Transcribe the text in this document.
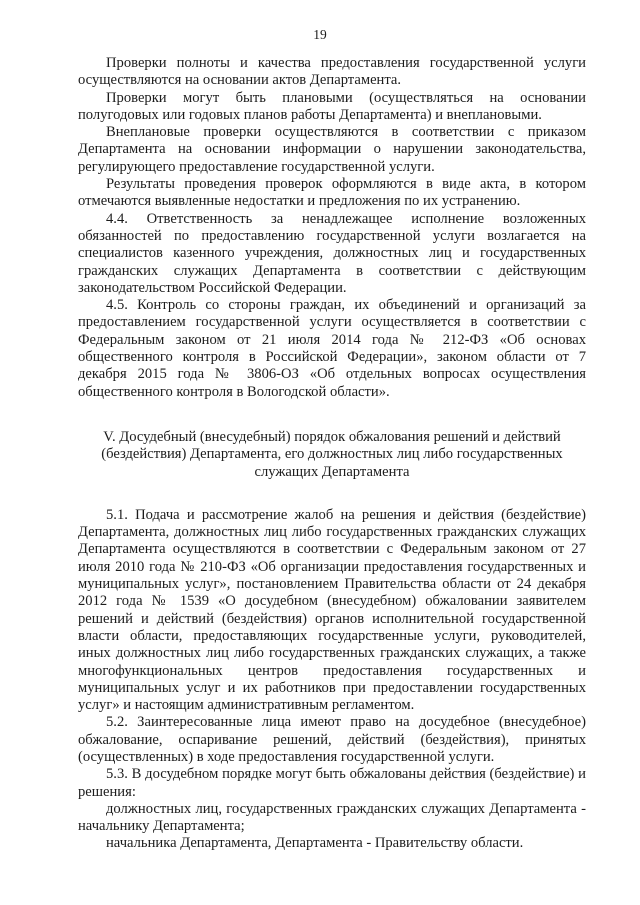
19

Проверки полноты и качества предоставления государственной услуги осуществляются на основании актов Департамента.

Проверки могут быть плановыми (осуществляться на основании полугодовых или годовых планов работы Департамента) и внеплановыми.

Внеплановые проверки осуществляются в соответствии с приказом Департамента на основании информации о нарушении законодательства, регулирующего предоставление государственной услуги.

Результаты проведения проверок оформляются в виде акта, в котором отмечаются выявленные недостатки и предложения по их устранению.

4.4. Ответственность за ненадлежащее исполнение возложенных обязанностей по предоставлению государственной услуги возлагается на специалистов казенного учреждения, должностных лиц и государственных гражданских служащих Департамента в соответствии с действующим законодательством Российской Федерации.

4.5. Контроль со стороны граждан, их объединений и организаций за предоставлением государственной услуги осуществляется в соответствии с Федеральным законом от 21 июля 2014 года № 212-ФЗ «Об основах общественного контроля в Российской Федерации», законом области от 7 декабря 2015 года № 3806-ОЗ «Об отдельных вопросах осуществления общественного контроля в Вологодской области».

V. Досудебный (внесудебный) порядок обжалования решений и действий
(бездействия) Департамента, его должностных лиц либо государственных
служащих Департамента

5.1. Подача и рассмотрение жалоб на решения и действия (бездействие) Департамента, должностных лиц либо государственных гражданских служащих Департамента осуществляются в соответствии с Федеральным законом от 27 июля 2010 года № 210-ФЗ «Об организации предоставления государственных и муниципальных услуг», постановлением Правительства области от 24 декабря 2012 года № 1539 «О досудебном (внесудебном) обжаловании заявителем решений и действий (бездействия) органов исполнительной государственной власти области, предоставляющих государственные услуги, руководителей, иных должностных лиц либо государственных гражданских служащих, а также многофункциональных центров предоставления государственных и муниципальных услуг и их работников при предоставлении государственных услуг» и настоящим административным регламентом.

5.2. Заинтересованные лица имеют право на досудебное (внесудебное) обжалование, оспаривание решений, действий (бездействия), принятых (осуществленных) в ходе предоставления государственной услуги.

5.3. В досудебном порядке могут быть обжалованы действия (бездействие) и решения:

должностных лиц, государственных гражданских служащих Департамента - начальнику Департамента;

начальника Департамента, Департамента - Правительству области.
